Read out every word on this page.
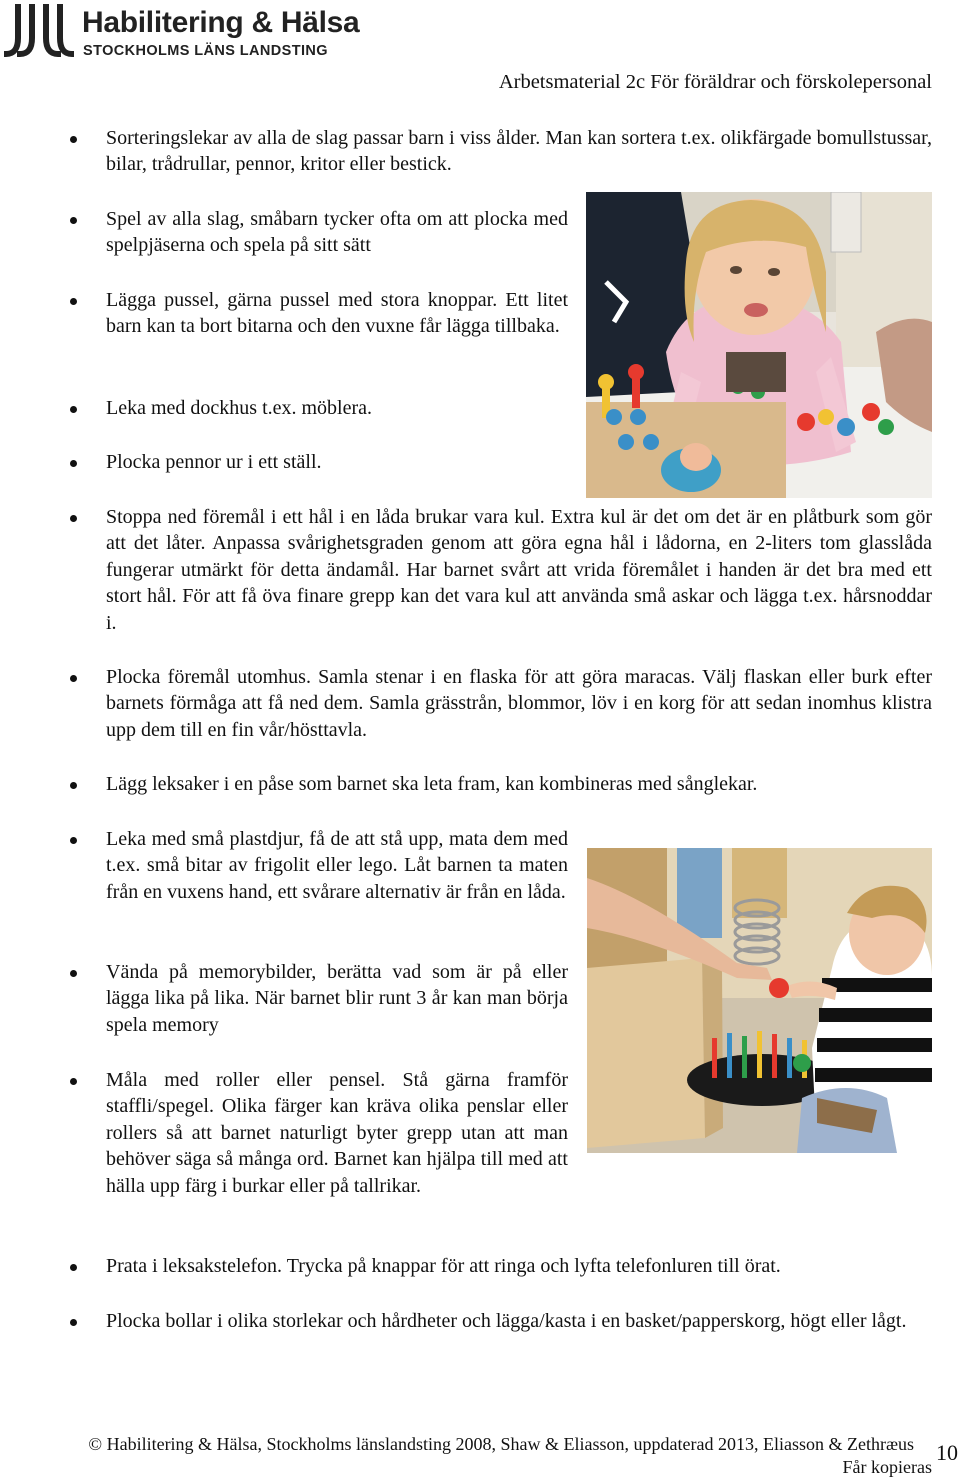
Habilitering & Hälsa
STOCKHOLMS LÄNS LANDSTING
Arbetsmaterial 2c För föräldrar och förskolepersonal

Sorteringslekar av alla de slag passar barn i viss ålder. Man kan sortera t.ex. olikfärgade bomullstussar, bilar, trådrullar, pennor, kritor eller bestick.

Spel av alla slag, småbarn tycker ofta om att plocka med spelpjäserna och spela på sitt sätt

Lägga pussel, gärna pussel med stora knoppar. Ett litet barn kan ta bort bitarna och den vuxne får lägga tillbaka.

Leka med dockhus t.ex. möblera.

Plocka pennor ur i ett ställ.

Stoppa ned föremål i ett hål i en låda brukar vara kul. Extra kul är det om det är en plåtburk som gör att det låter. Anpassa svårighetsgraden genom att göra egna hål i lådorna, en 2-liters tom glasslåda fungerar utmärkt för detta ändamål. Har barnet svårt att vrida föremålet i handen är det bra med ett stort hål. För att få öva finare grepp kan det vara kul att använda små askar och lägga t.ex. hårsnoddar i.

Plocka föremål utomhus. Samla stenar i en flaska för att göra maracas. Välj flaskan eller burk efter barnets förmåga att få ned dem. Samla grässtrån, blommor, löv i en korg för att sedan inomhus klistra upp dem till en fin vår/hösttavla.

Lägg leksaker i en påse som barnet ska leta fram, kan kombineras med sånglekar.

Leka med små plastdjur, få de att stå upp, mata dem med t.ex. små bitar av frigolit eller lego. Låt barnen ta maten från en vuxens hand, ett svårare alternativ är från en låda.

Vända på memorybilder, berätta vad som är på eller lägga lika på lika. När barnet blir runt 3 år kan man börja spela memory

Måla med roller eller pensel. Stå gärna framför staffli/spegel. Olika färger kan kräva olika penslar eller rollers så att barnet naturligt byter grepp utan att man behöver säga så många ord. Barnet kan hjälpa till med att hälla upp färg i burkar eller på tallrikar.

Prata i leksakstelefon. Trycka på knappar för att ringa och lyfta telefonluren till örat.

Plocka bollar i olika storlekar och hårdheter och lägga/kasta i en basket/papperskorg, högt eller lågt.

© Habilitering & Hälsa, Stockholms länslandsting 2008, Shaw & Eliasson, uppdaterad 2013, Eliasson & Zethræus
Får kopieras
10
